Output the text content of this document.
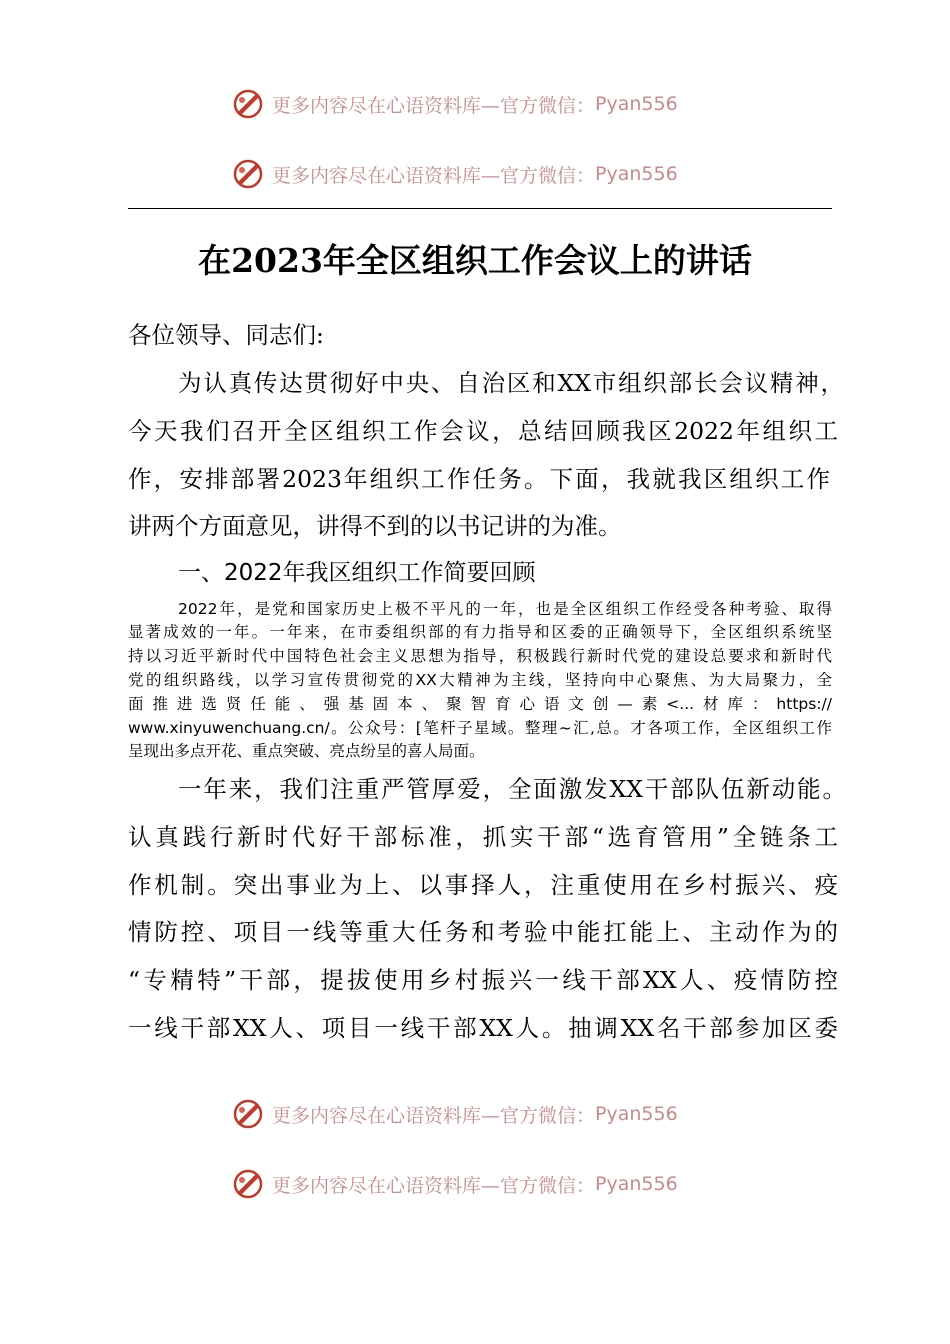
更多内容尽在心语资料库—官方微信： Pyan556
更多内容尽在心语资料库—官方微信： Pyan556
在2023年全区组织工作会议上的讲话
各位领导、同志们:
为认真传达贯彻好中央、自治区和XX市组织部长会议精神，
今天我们召开全区组织工作会议，总结回顾我区2022年组织工
作，安排部署2023年组织工作任务。下面，我就我区组织工作
讲两个方面意见，讲得不到的以书记讲的为准。
一、2022年我区组织工作简要回顾
2022年，是党和国家历史上极不平凡的一年，也是全区组织工作经受各种考验、取得
显著成效的一年。一年来，在市委组织部的有力指导和区委的正确领导下，全区组织系统坚
持以习近平新时代中国特色社会主义思想为指导，积极践行新时代党的建设总要求和新时代
党的组织路线，以学习宣传贯彻党的XX大精神为主线，坚持向中心聚焦、为大局聚力，全
面推进选贤任能、强基固本、聚智育心语文创—素<...材库：https://
www.xinyuwenchuang.cn/。公众号：[笔杆子星域。整理~汇,总。才各项工作，全区组织工作
呈现出多点开花、重点突破、亮点纷呈的喜人局面。
一年来，我们注重严管厚爱，全面激发XX干部队伍新动能。
认真践行新时代好干部标准，抓实干部“选育管用”全链条工
作机制。突出事业为上、以事择人，注重使用在乡村振兴、疫
情防控、项目一线等重大任务和考验中能扛能上、主动作为的
“专精特”干部，提拔使用乡村振兴一线干部XX人、疫情防控
一线干部XX人、项目一线干部XX人。抽调XX名干部参加区委
更多内容尽在心语资料库—官方微信： Pyan556
更多内容尽在心语资料库—官方微信： Pyan556
